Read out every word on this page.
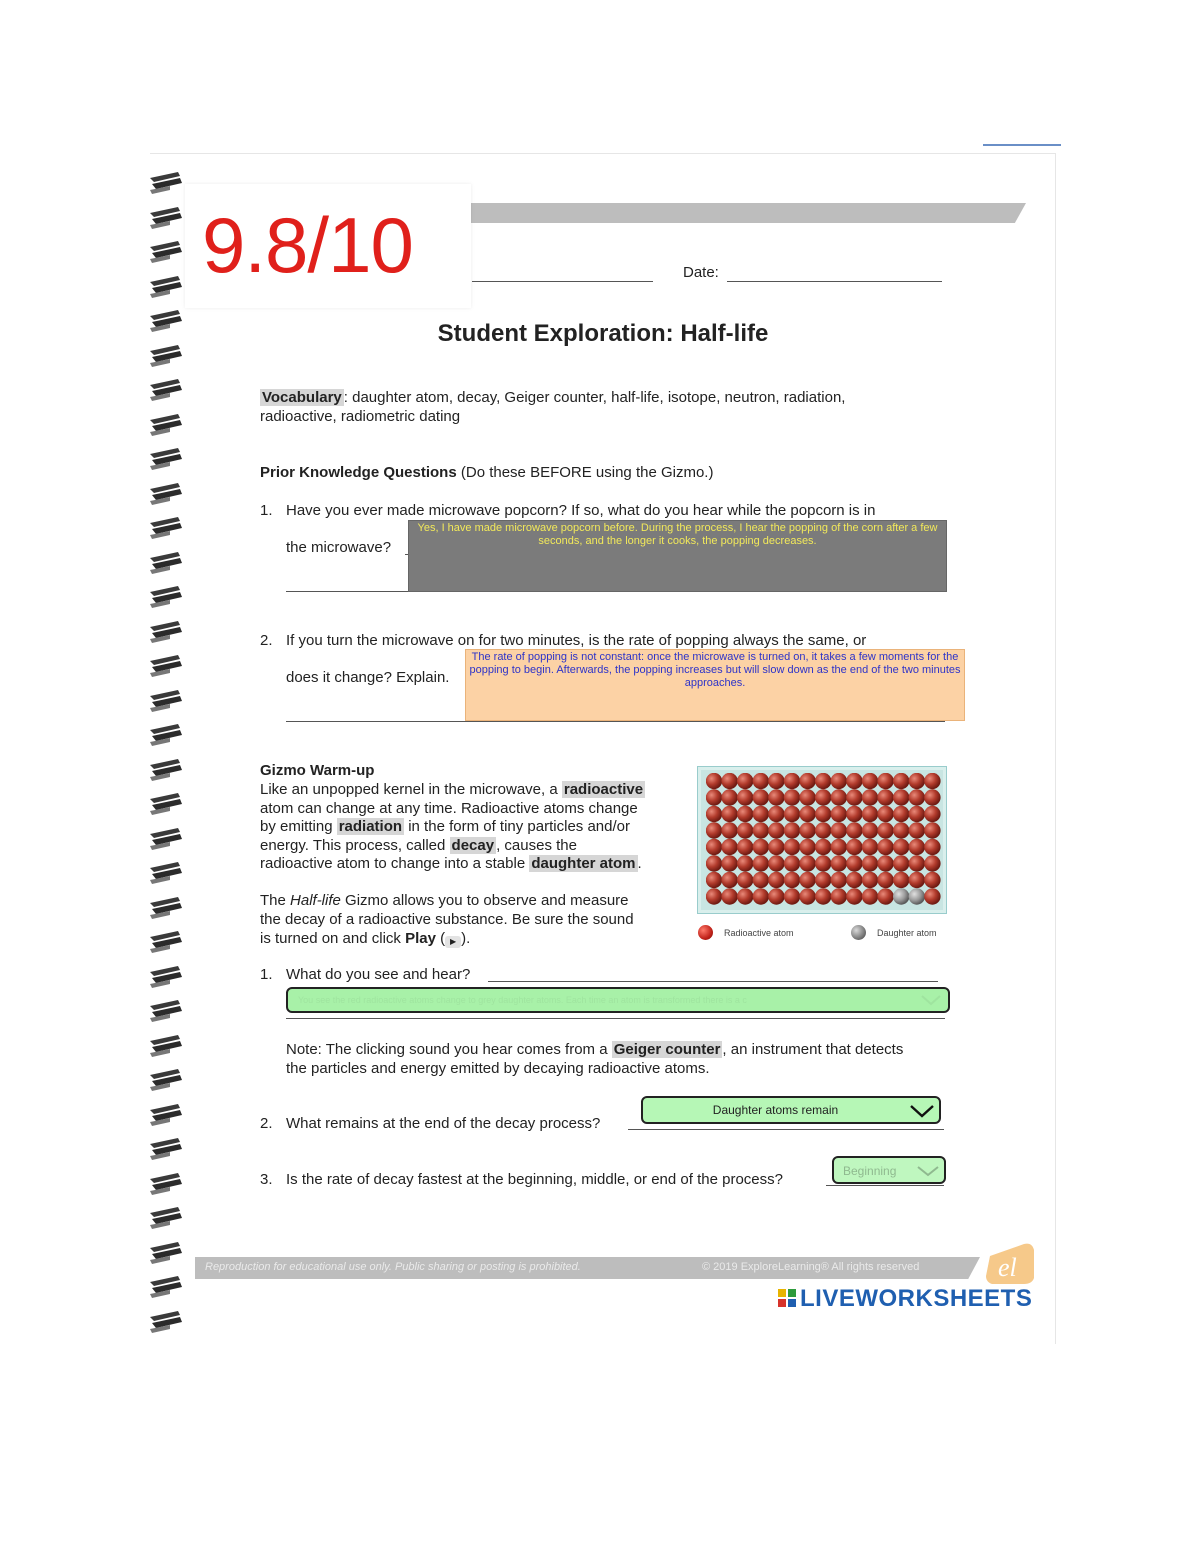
9.8/10	Date:
Student Exploration: Half-life
Vocabulary : daughter atom, decay, Geiger counter, half-life, isotope, neutron, radiation,
radioactive, radiometric dating
Prior Knowledge Questions (Do these BEFORE using the Gizmo.)
1. Have you ever made microwave popcorn? If so, what do you hear while the popcorn is in
the microwave?
Yes, I have made microwave popcorn before. During the process, I hear the popping of the corn after a few seconds, and the longer it cooks, the popping decreases.
2. If you turn the microwave on for two minutes, is the rate of popping always the same, or
does it change? Explain.
The rate of popping is not constant: once the microwave is turned on, it takes a few moments for the popping to begin. Afterwards, the popping increases but will slow down as the end of the two minutes approaches.
Gizmo Warm-up
Like an unpopped kernel in the microwave, a radioactive
atom can change at any time. Radioactive atoms change
by emitting radiation in the form of tiny particles and/or
energy. This process, called decay , causes the
radioactive atom to change into a stable daughter atom .
The Half-life Gizmo allows you to observe and measure
the decay of a radioactive substance. Be sure the sound
is turned on and click Play ( ▶ ).	Radioactive atom	Daughter atom
1. What do you see and hear?
You see the red radioactive atoms change to grey daughter atoms. Each time an atom is transformed there is a c
Note: The clicking sound you hear comes from a Geiger counter , an instrument that detects
the particles and energy emitted by decaying radioactive atoms.
2. What remains at the end of the decay process?
Daughter atoms remain
3. Is the rate of decay fastest at the beginning, middle, or end of the process?	Beginning
Reproduction for educational use only. Public sharing or posting is prohibited.	© 2019 ExploreLearning® All rights reserved	el
LIVEWORKSHEETS
